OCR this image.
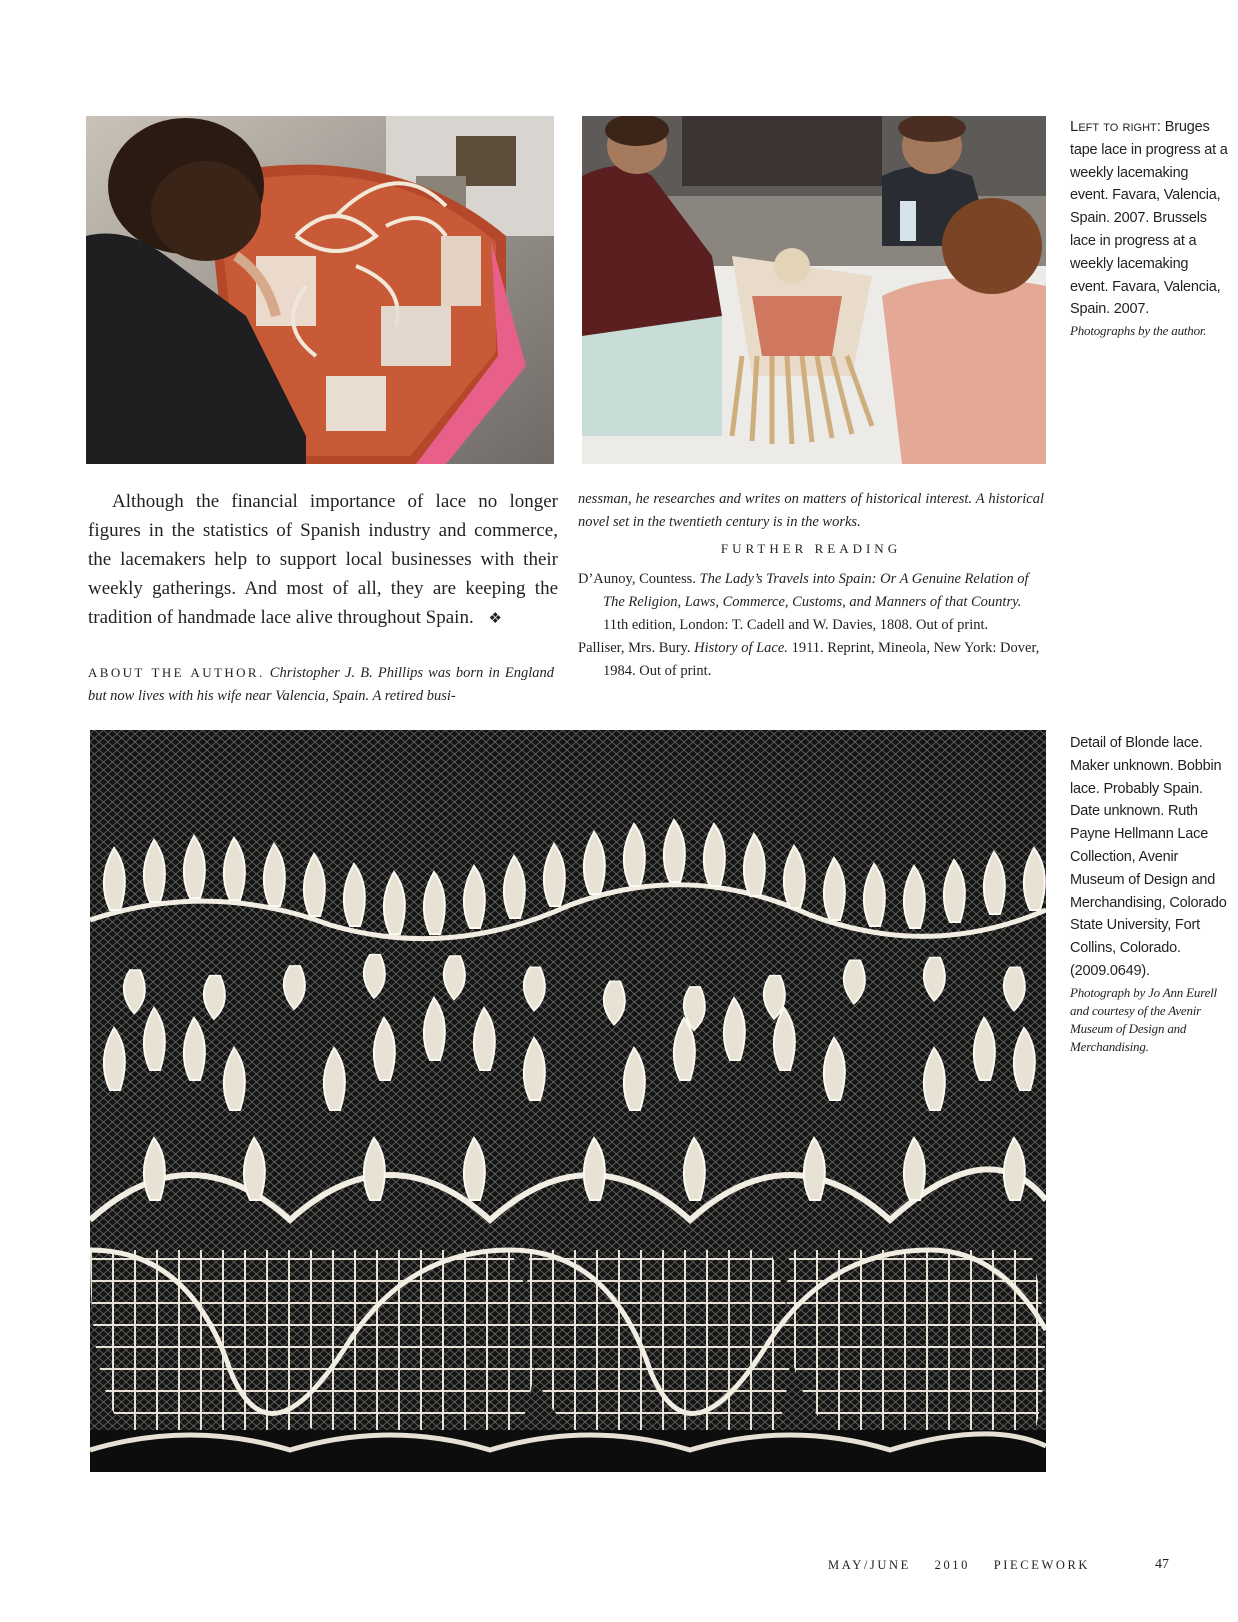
Left to right: Bruges tape lace in progress at a weekly lacemaking event. Favara, Valencia, Spain. 2007. Brussels lace in progress at a weekly lacemaking event. Favara, Valencia, Spain. 2007.
Photographs by the author.

Although the financial importance of lace no longer figures in the statistics of Spanish industry and commerce, the lacemakers help to support local businesses with their weekly gatherings. And most of all, they are keeping the tradition of handmade lace alive throughout Spain. ❖

ABOUT THE AUTHOR. Christopher J. B. Phillips was born in England but now lives with his wife near Valencia, Spain. A retired busi-

nessman, he researches and writes on matters of historical interest. A historical novel set in the twentieth century is in the works.

FURTHER READING
D’Aunoy, Countess. The Lady’s Travels into Spain: Or A Genuine Relation of The Religion, Laws, Commerce, Customs, and Manners of that Country. 11th edition, London: T. Cadell and W. Davies, 1808. Out of print.
Palliser, Mrs. Bury. History of Lace. 1911. Reprint, Mineola, New York: Dover, 1984. Out of print.
Detail of Blonde lace. Maker unknown. Bobbin lace. Probably Spain. Date unknown. Ruth Payne Hellmann Lace Collection, Avenir Museum of Design and Merchandising, Colorado State University, Fort Collins, Colorado. (2009.0649).
Photograph by Jo Ann Eurell and courtesy of the Avenir Museum of Design and Merchandising.
MAY/JUNE 2010 PIECEWORK	47
